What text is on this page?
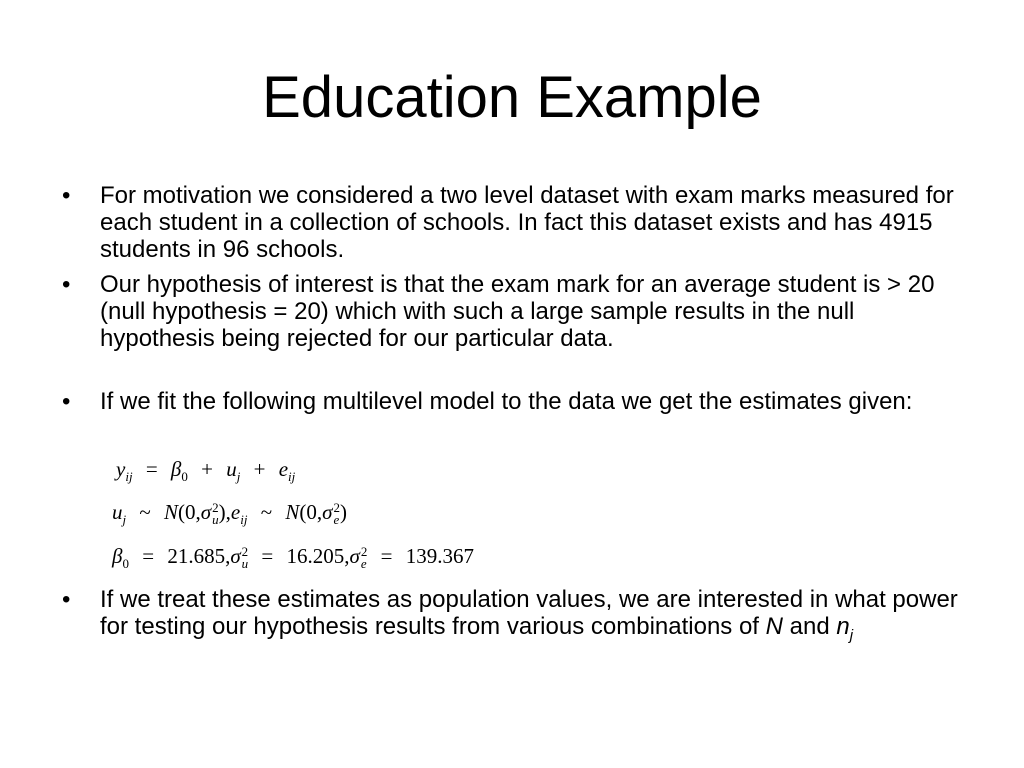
Education Example
• For motivation we considered a two level dataset with exam marks measured for each student in a collection of schools. In fact this dataset exists and has 4915 students in 96 schools.
• Our hypothesis of interest is that the exam mark for an average student is > 20 (null hypothesis = 20) which with such a large sample results in the null hypothesis being rejected for our particular data.
• If we fit the following multilevel model to the data we get the estimates given:
$y_{ij} = \beta_0 + u_j + e_{ij}$
$u_j$ ~ N(0,σ 2
u )$,e_{ij}$ ~ N(0,σ 2
e )
$\beta_0 = 21.685,\sigma$ 2
u = 16.205,σ 2
e = 139.367
• If we treat these estimates as population values, we are interested in what power for testing our hypothesis results from various combinations of N and $n_j$
